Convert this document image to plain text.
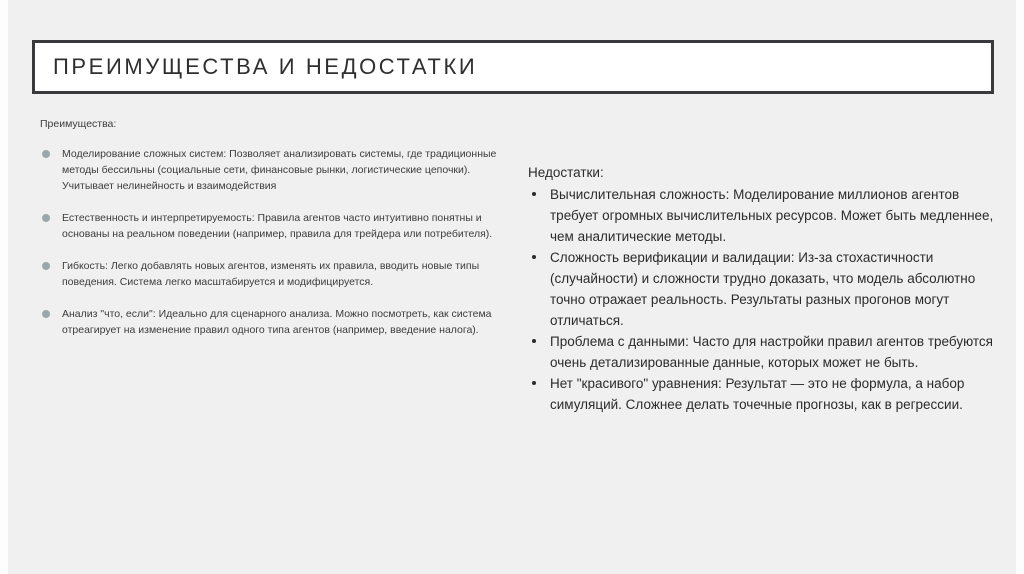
ПРЕИМУЩЕСТВА И НЕДОСТАТКИ

Преимущества:

Моделирование сложных систем: Позволяет анализировать системы, где традиционные методы бессильны (социальные сети, финансовые рынки, логистические цепочки). Учитывает нелинейность и взаимодействия
Естественность и интерпретируемость: Правила агентов часто интуитивно понятны и основаны на реальном поведении (например, правила для трейдера или потребителя).
Гибкость: Легко добавлять новых агентов, изменять их правила, вводить новые типы поведения. Система легко масштабируется и модифицируется.
Анализ "что, если": Идеально для сценарного анализа. Можно посмотреть, как система отреагирует на изменение правил одного типа агентов (например, введение налога).

Недостатки:

Вычислительная сложность: Моделирование миллионов агентов требует огромных вычислительных ресурсов. Может быть медленнее, чем аналитические методы.
Сложность верификации и валидации: Из-за стохастичности (случайности) и сложности трудно доказать, что модель абсолютно точно отражает реальность. Результаты разных прогонов могут отличаться.
Проблема с данными: Часто для настройки правил агентов требуются очень детализированные данные, которых может не быть.
Нет "красивого" уравнения: Результат — это не формула, а набор симуляций. Сложнее делать точечные прогнозы, как в регрессии.
